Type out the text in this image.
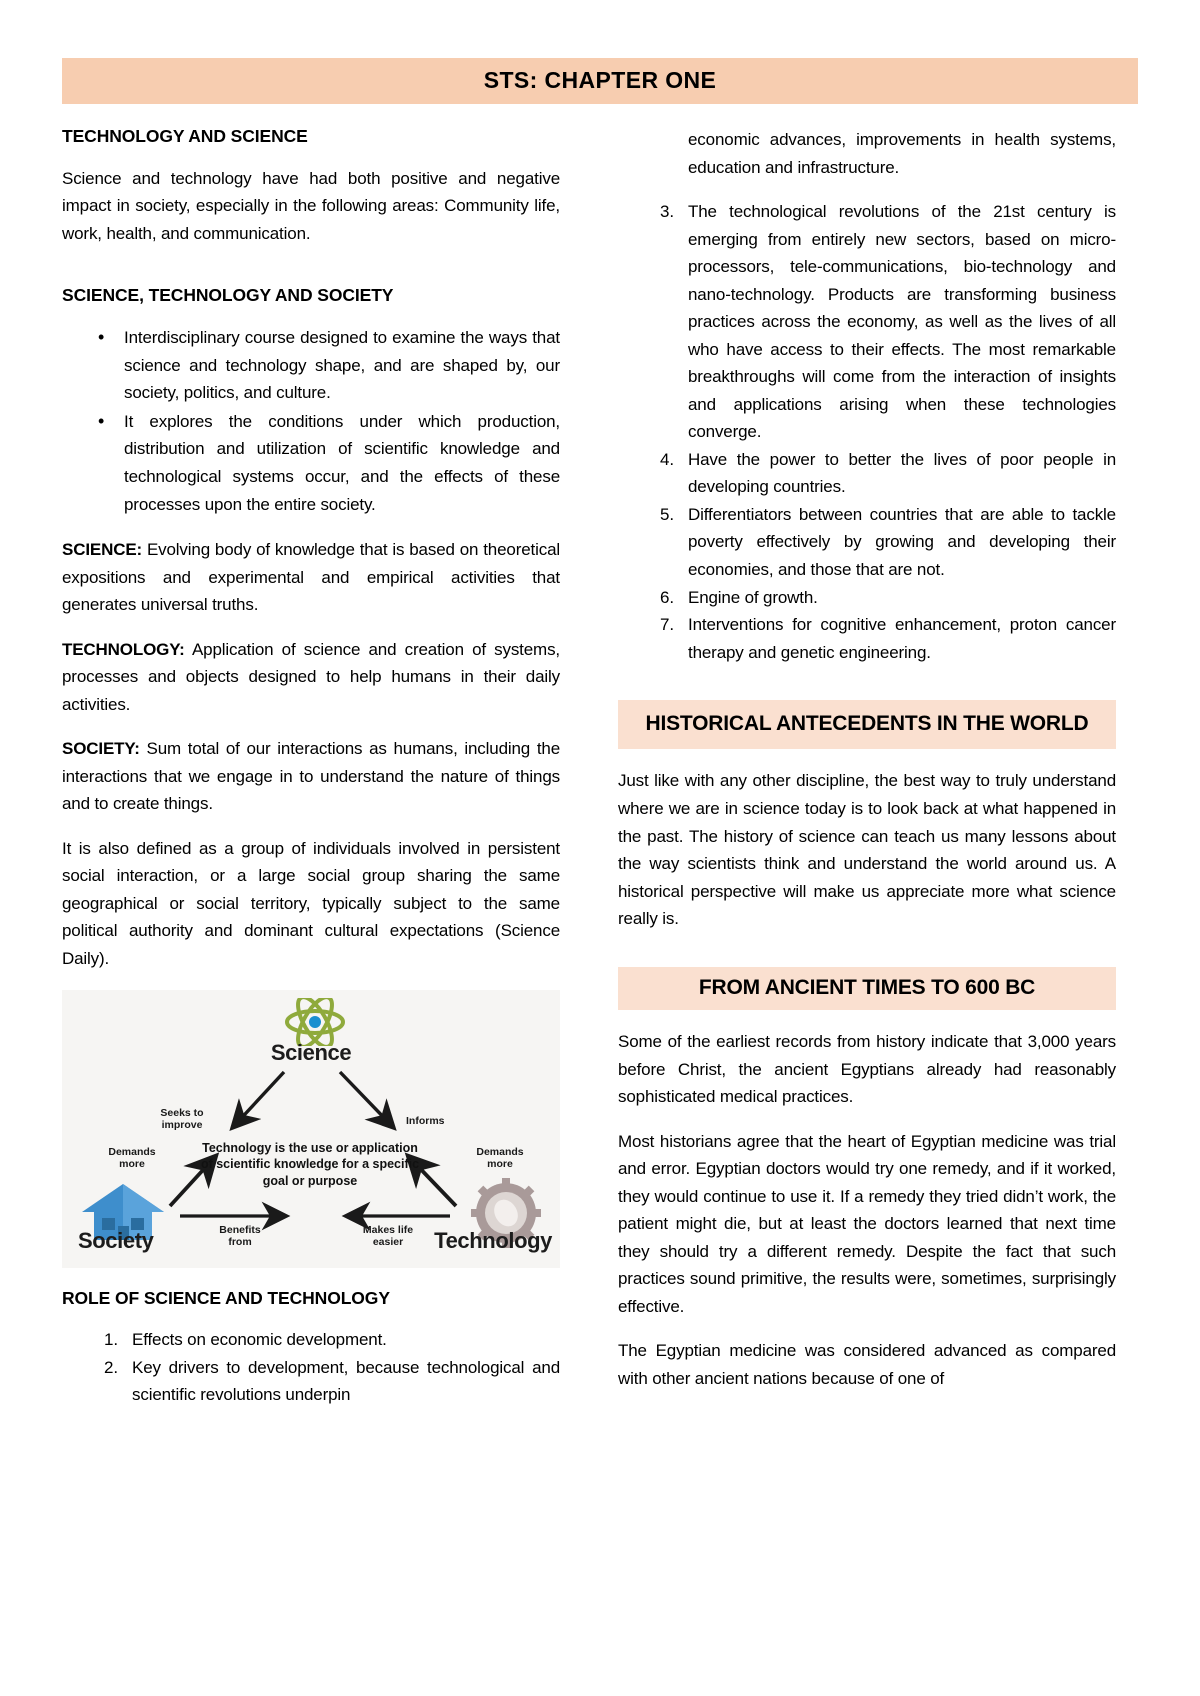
STS: CHAPTER ONE
TECHNOLOGY AND SCIENCE

Science and technology have had both positive and negative impact in society, especially in the following areas: Community life, work, health, and communication.

SCIENCE, TECHNOLOGY AND SOCIETY
• Interdisciplinary course designed to examine the ways that science and technology shape, and are shaped by, our society, politics, and culture.
• It explores the conditions under which production, distribution and utilization of scientific knowledge and technological systems occur, and the effects of these processes upon the entire society.

SCIENCE: Evolving body of knowledge that is based on theoretical expositions and experimental and empirical activities that generates universal truths.

TECHNOLOGY: Application of science and creation of systems, processes and objects designed to help humans in their daily activities.

SOCIETY: Sum total of our interactions as humans, including the interactions that we engage in to understand the nature of things and to create things.

It is also defined as a group of individuals involved in persistent social interaction, or a large social group sharing the same geographical or social territory, typically subject to the same political authority and dominant cultural expectations (Science Daily).

Science
Society	Technology
Seeks to
improve	Informs
Demands
more
Demands
more
Benefits
from
Makes life
easier
Technology is the use or application of scientific knowledge for a specific goal or purpose
ROLE OF SCIENCE AND TECHNOLOGY
Effects on economic development.
Key drivers to development, because technological and scientific revolutions underpin

economic advances, improvements in health systems, education and infrastructure.

The technological revolutions of the 21st century is emerging from entirely new sectors, based on micro-processors, tele-communications, bio-technology and nano-technology. Products are transforming business practices across the economy, as well as the lives of all who have access to their effects. The most remarkable breakthroughs will come from the interaction of insights and applications arising when these technologies converge.
Have the power to better the lives of poor people in developing countries.
Differentiators between countries that are able to tackle poverty effectively by growing and developing their economies, and those that are not.
Engine of growth.
Interventions for cognitive enhancement, proton cancer therapy and genetic engineering.
HISTORICAL ANTECEDENTS IN THE WORLD

Just like with any other discipline, the best way to truly understand where we are in science today is to look back at what happened in the past. The history of science can teach us many lessons about the way scientists think and understand the world around us. A historical perspective will make us appreciate more what science really is.

FROM ANCIENT TIMES TO 600 BC

Some of the earliest records from history indicate that 3,000 years before Christ, the ancient Egyptians already had reasonably sophisticated medical practices.

Most historians agree that the heart of Egyptian medicine was trial and error. Egyptian doctors would try one remedy, and if it worked, they would continue to use it. If a remedy they tried didn’t work, the patient might die, but at least the doctors learned that next time they should try a different remedy. Despite the fact that such practices sound primitive, the results were, sometimes, surprisingly effective.

The Egyptian medicine was considered advanced as compared with other ancient nations because of one of
